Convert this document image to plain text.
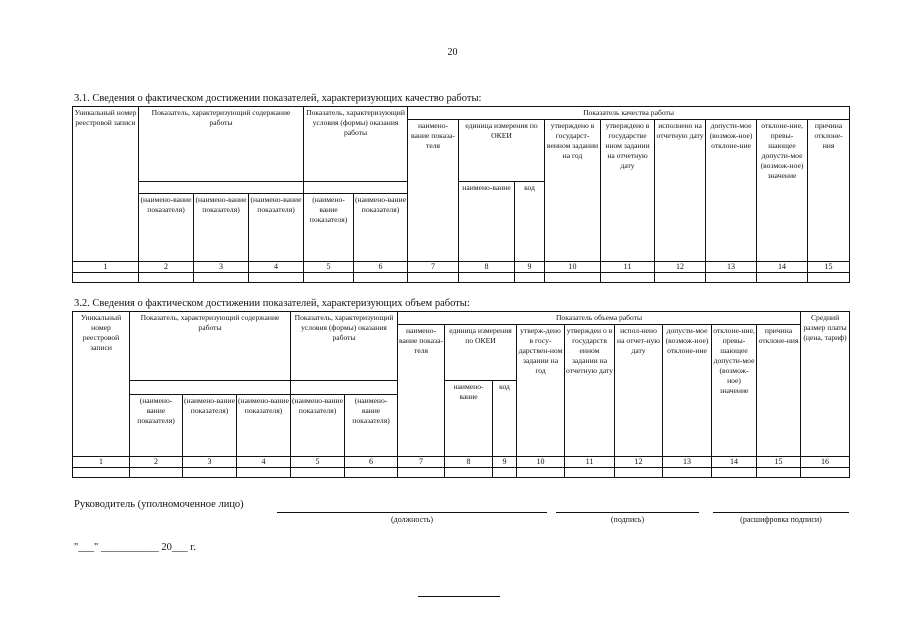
20
3.1. Сведения о фактическом достижении показателей, характеризующих качество работы:
Уникальный номер реестровой записи	Показатель, характеризующий содержание работы			Показатель, характеризующий условия (формы) оказания работы		Показатель качества работы								
						наимено-вание показа-теля	единица измерения по ОКЕИ		утверждено в государст-венном задании на год	утверждено в государстве нном задании на отчетную дату	исполнено на отчетную дату	допусти-мое (возмож-ное) отклоне-ние	отклоне-ние, превы-шающее допусти-мое (возмож-ное) значение	причина отклоне-ния
							наимено-вание	код						
	(наимено-вание показателя)	(наимено-вание показателя)	(наимено-вание показателя)	(наимено-вание показателя)	(наимено-вание показателя)									
1	2	3	4	5	6	7	8	9	10	11	12	13	14	15

3.2. Сведения о фактическом достижении показателей, характеризующих объем работы:
Уникальный номер реестровой записи	Показатель, характеризующий содержание работы			Показатель, характеризующий условия (формы) оказания работы		Показатель объема работы									Средний размер платы (цена, тариф)
						наимено-вание показа-теля	единица измерения по ОКЕИ		утверж-дено в госу-дарствен-ном задании на год	утвержден о в государств енном задании на отчетную дату	испол-нено на отчет-ную дату	допусти-мое (возмож-ное) отклоне-ние	отклоне-ние, превы-шающее допусти-мое (возмож-ное) значение	причина отклоне-ния	
							наимено-вание	код							
	(наимено-вание показателя)	(наимено-вание показателя)	(наимено-вание показателя)	(наимено-вание показателя)	(наимено-вание показателя)										
1	2	3	4	5	6	7	8	9	10	11	12	13	14	15	16

Руководитель (уполномоченное лицо)
(должность)	(подпись)	(расшифровка подписи)
"___" ___________ 20___ г.
